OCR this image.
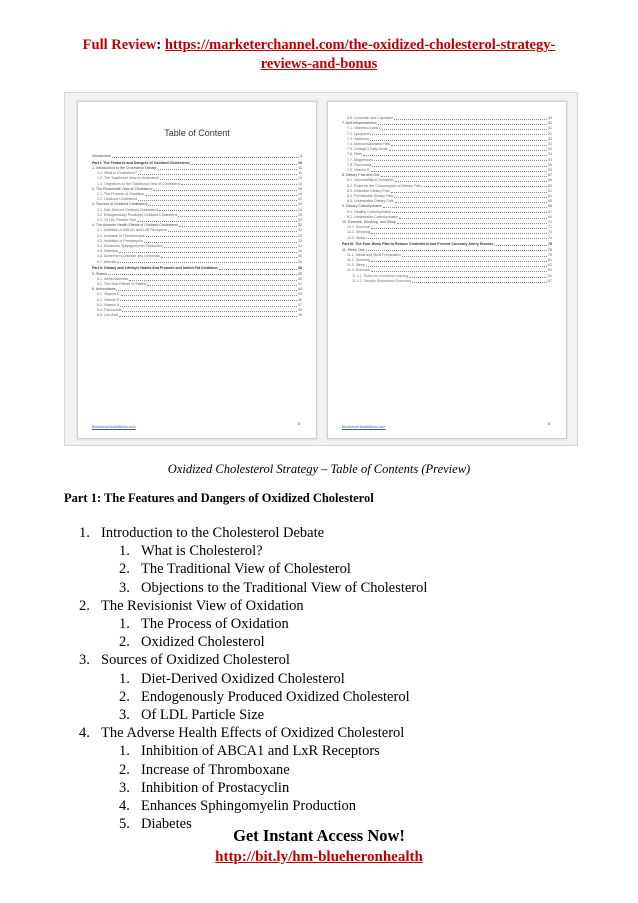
Full Review: https://marketerchannel.com/the-oxidized-cholesterol-strategy-
reviews-and-bonus
Table of Content
Introduction	4
Part I: The Features and Dangers of Oxidized Cholesterol	10
1. Introduction to the Cholesterol Debate	11
1.1. What is Cholesterol?	11
1.2. The Traditional View of cholesterol	13
1.3. Objections to the Traditional View of Cholesterol	16
2. The Revisionist View of Cholesterol	19
2.1. The Process of Oxidation	19
2.2. Oxidized Cholesterol	22
3. Sources of Oxidized Cholesterol	24
3.1. Diet-Derived Oxidized Cholesterol	24
3.2. Endogenously Produced Oxidized Cholesterol	28
3.3. Of LDL Particle Size	30
4. The Adverse Health Effects of Oxidized Cholesterol	32
4.1. Inhibition of ABCA1 and LxR Receptors	32
4.2. Increase of Thromboxane	33
4.3. Inhibition of Prostacyclin	33
4.4. Enhances Sphingomyelin Production	34
4.5. Diabetes	34
4.6. Alzheimer's Disease and Dementia	35
4.7. Arthritis	36
Part II: Dietary and Lifestyle Habits that Promote and Inhibit Fat Oxidation	38
5. Statins	39
5.1. Ineffectiveness	40
5.2. The Side Effects of Statins	41
6. Antioxidants	44
6.1. Vitamin C	45
6.2. Vitamin E	46
6.3. Vitamin A	47
6.4. Flavonoids	48
6.5. Uric Acid	48
BlueheronHealthNews.com
3
6.6. Curcumin and Capsaicin	49
7. Anti-Inflammatories	51
7.1. Vitamins A and C	51
7.2. Lycopene	52
7.3. Selenium	53
7.4. Monounsaturated Fats	53
7.5. Omega-3 Fatty Acids	54
7.6. Fiber	54
7.7. Magnesium	54
7.8. Flavonoids	55
7.9. Vitamin D	55
8. Dietary Fats and Oils	57
8.1. Vulnerability to Oxidation	58
8.2. Rules for the Consumption of Dietary Fats	60
8.3. Desirable Dietary Fats	61
8.4. Permissible Dietary Fats	64
8.5. Undesirable Dietary Fats	65
9. Dietary Carbohydrates	66
9.1. Healthy Carbohydrates	67
9.2. Undesirable Carbohydrates	69
10. Exercise, Smoking, and Sleep	71
10.1. Exercise	71
10.2. Smoking	73
10.3. Sleep	74
Part III: The Four-Week Plan to Reduce Cholesterol and Prevent Coronary Artery Disease	75
11. Week One	76
11.1. Meals and Meal Preparation	76
11.2. Smoking	81
11.3. Sleep	83
11.4. Exercise	84
11.4.1. Rules for resistance training	86
11.4.2. Sample Resistance Exercises	87
BlueheronHealthNews.com
4
Oxidized Cholesterol Strategy – Table of Contents (Preview)
Part 1: The Features and Dangers of Oxidized Cholesterol
1. Introduction to the Cholesterol Debate
1. What is Cholesterol?
2. The Traditional View of Cholesterol
3. Objections to the Traditional View of Cholesterol
2. The Revisionist View of Oxidation
1. The Process of Oxidation
2. Oxidized Cholesterol
3. Sources of Oxidized Cholesterol
1. Diet-Derived Oxidized Cholesterol
2. Endogenously Produced Oxidized Cholesterol
3. Of LDL Particle Size
4. The Adverse Health Effects of Oxidized Cholesterol
1. Inhibition of ABCA1 and LxR Receptors
2. Increase of Thromboxane
3. Inhibition of Prostacyclin
4. Enhances Sphingomyelin Production
5. Diabetes
Get Instant Access Now!
http://bit.ly/hm-blueheronhealth
